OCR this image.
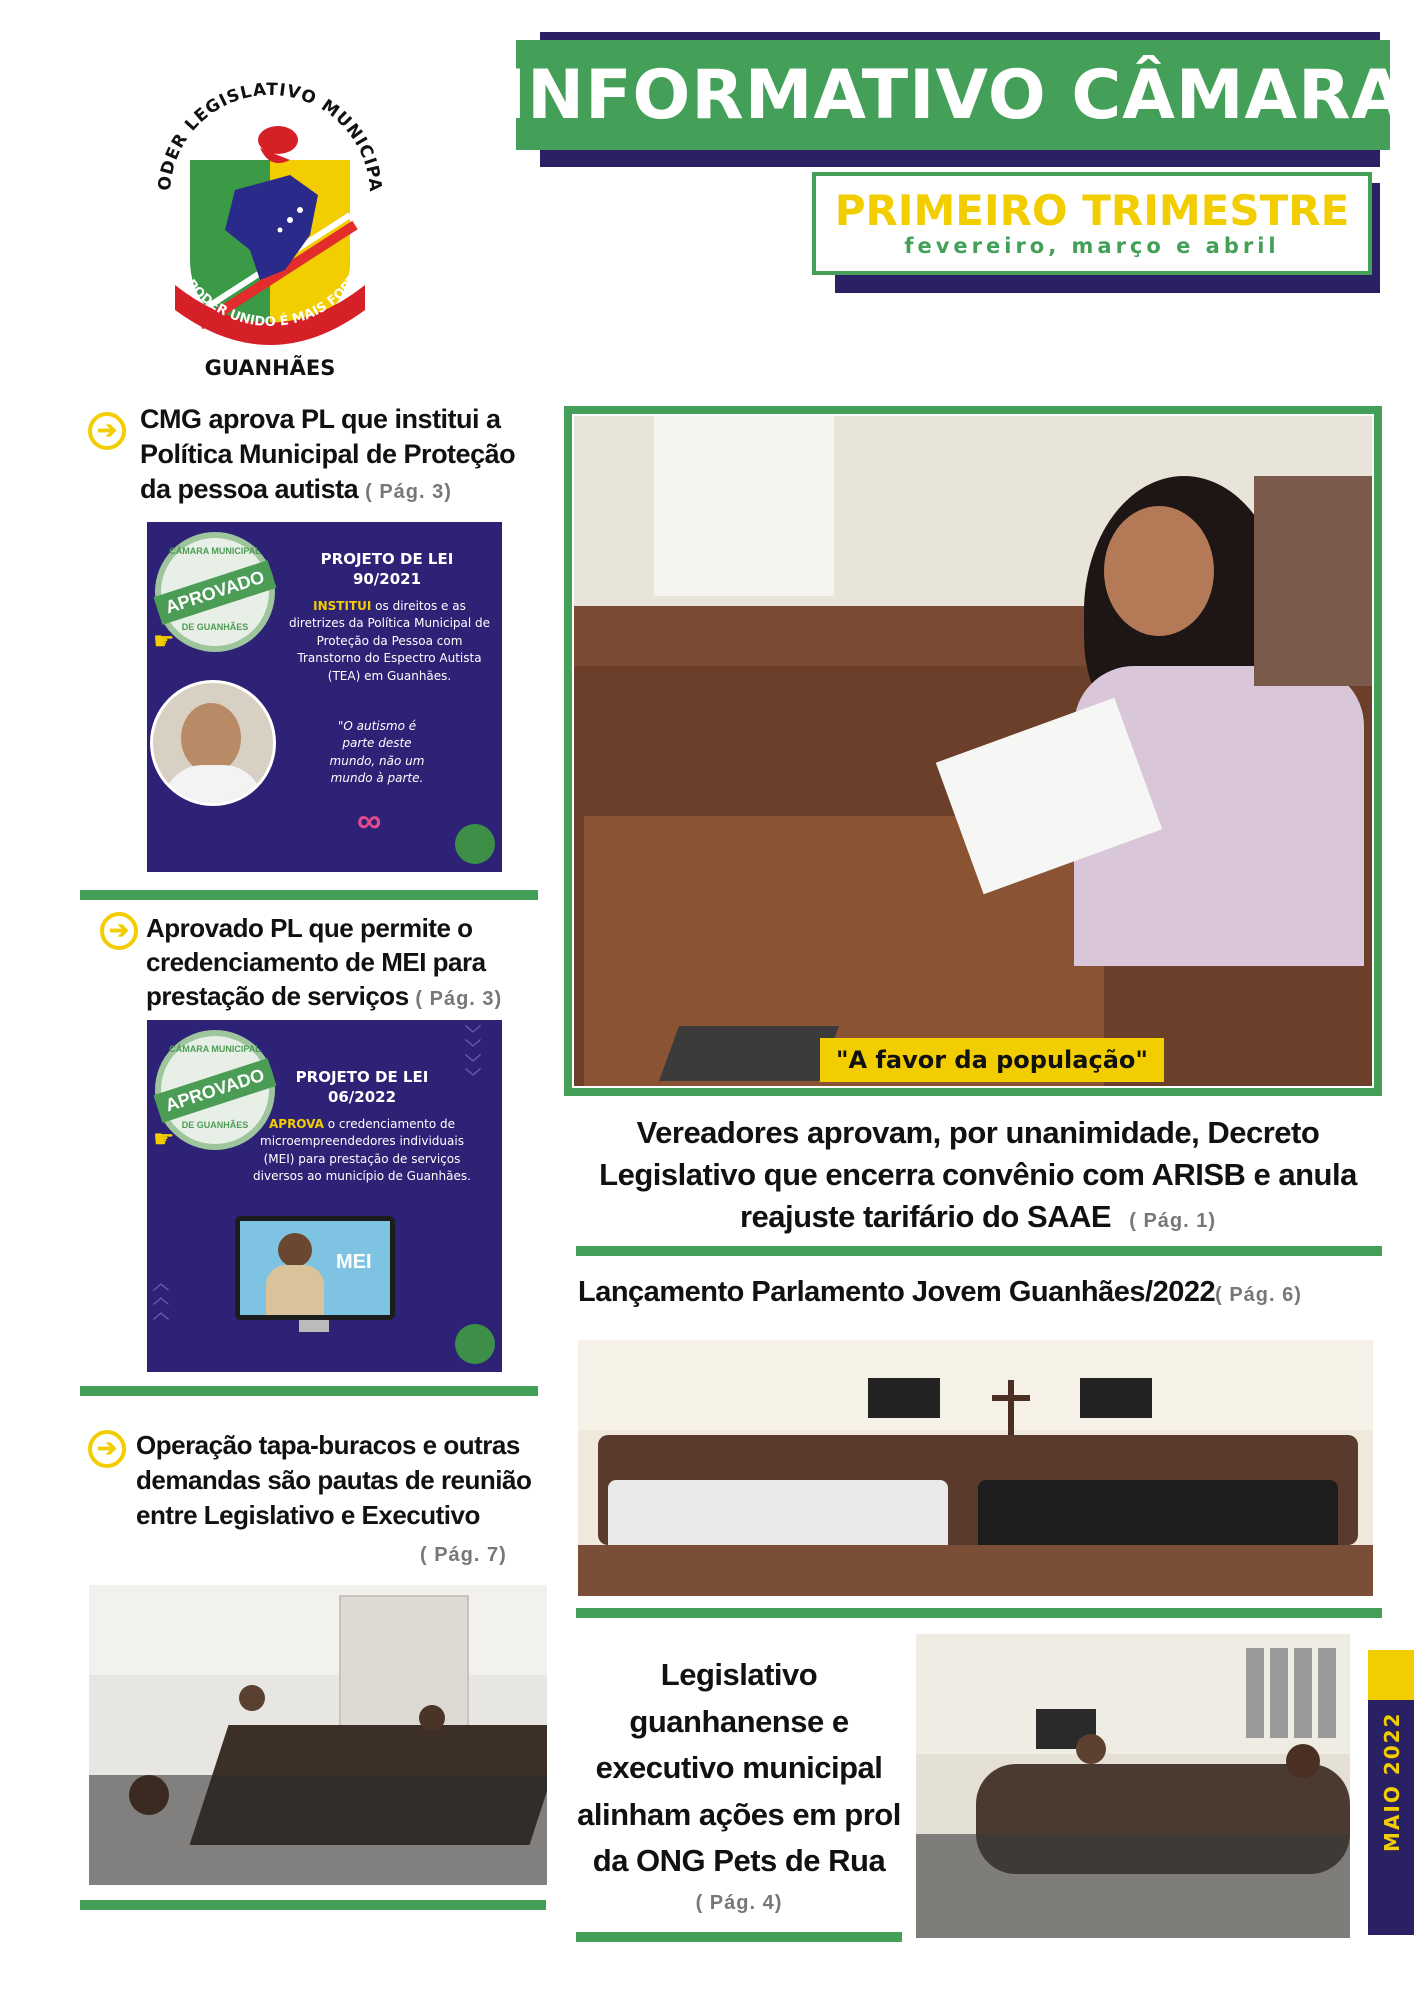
ODER LEGISLATIVO MUNICIPA
O PODER UNIDO É MAIS FORT
GUANHÃES
INFORMATIVO CÂMARA
PRIMEIRO TRIMESTRE
fevereiro, março e abril
➔ CMG aprova PL que institui a Política Municipal de Proteção da pessoa autista ( Pág. 3)
CÂMARA MUNICIPAL
APROVADO
DE GUANHÃES
☛
PROJETO DE LEI 90/2021
INSTITUI os direitos e as diretrizes da Política Municipal de Proteção da Pessoa com Transtorno do Espectro Autista (TEA) em Guanhães.
"O autismo é parte deste mundo, não um mundo à parte.
∞
➔ Aprovado PL que permite o credenciamento de MEI para prestação de serviços ( Pág. 3)
CÂMARA MUNICIPAL
APROVADO
DE GUANHÃES
☛
﹀
﹀
﹀
﹀
PROJETO DE LEI 06/2022
APROVA o credenciamento de microempreendedores individuais (MEI) para prestação de serviços diversos ao município de Guanhães.
MEI
︿
︿
︿
➔ Operação tapa-buracos e outras demandas são pautas de reunião entre Legislativo e Executivo
( Pág. 7)
"A favor da população"
Vereadores aprovam, por unanimidade, Decreto Legislativo que encerra convênio com ARISB e anula reajuste tarifário do SAAE ( Pág. 1)
Lançamento Parlamento Jovem Guanhães/2022( Pág. 6)
Legislativo guanhanense e executivo municipal alinham ações em prol da ONG Pets de Rua
( Pág. 4)
MAIO 2022
